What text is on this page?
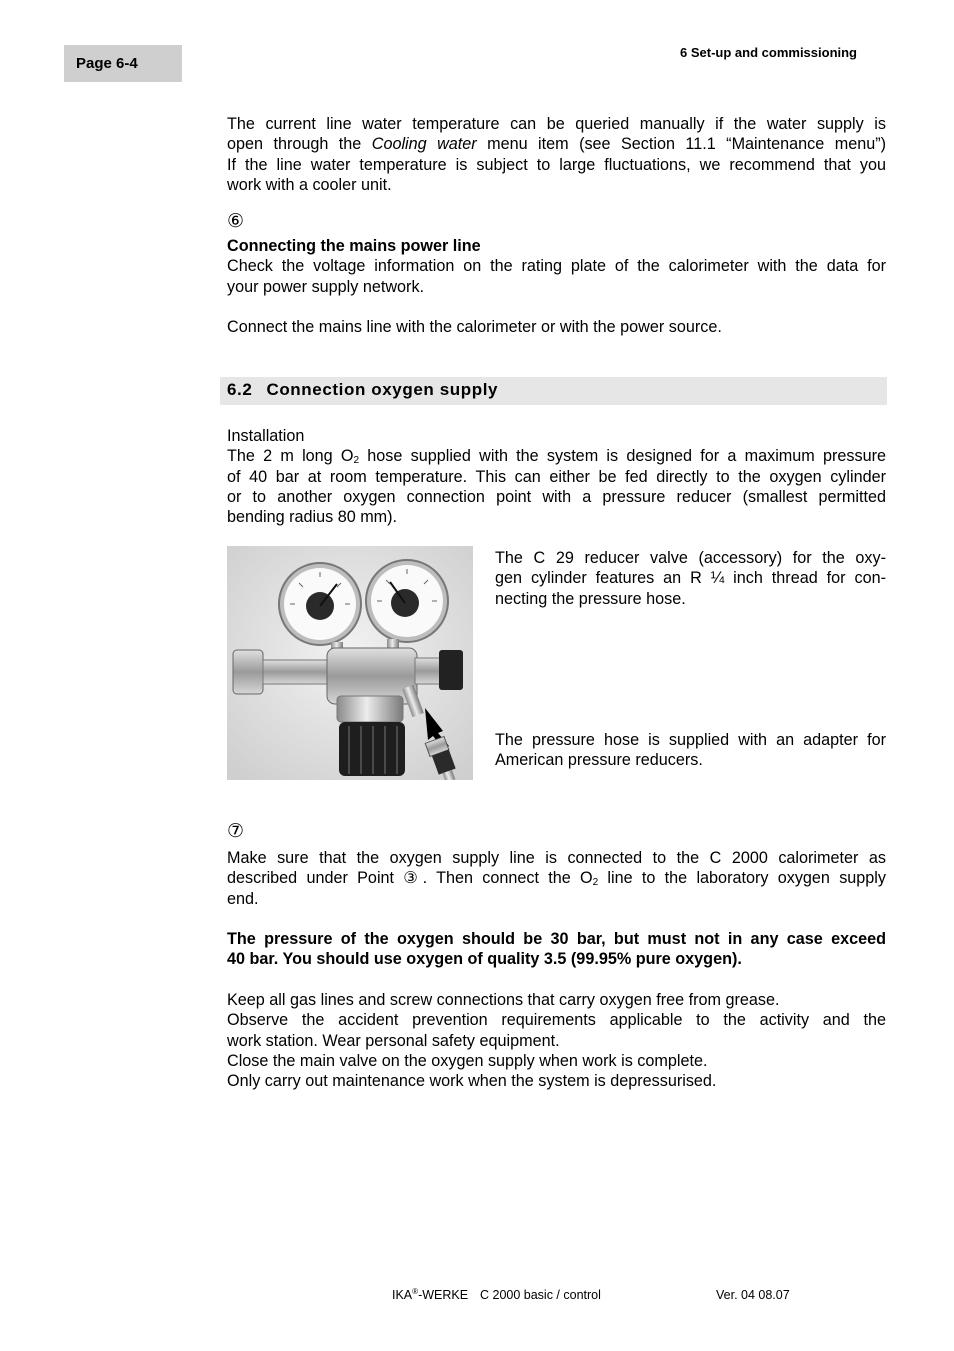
Page 6-4
6 Set-up and commissioning
The current line water temperature can be queried manually if the water supply is
open through the Cooling water menu item (see Section 11.1 “Maintenance menu”)
If the line water temperature is subject to large fluctuations, we recommend that you
work with a cooler unit.
⑥
Connecting the mains power line
Check the voltage information on the rating plate of the calorimeter with the data for
your power supply network.
Connect the mains line with the calorimeter or with the power source.
6.2 Connection oxygen supply
Installation
The 2 m long $O_2$ hose supplied with the system is designed for a maximum pressure
of 40 bar at room temperature. This can either be fed directly to the oxygen cylinder
or to another oxygen connection point with a pressure reducer (smallest permitted
bending radius 80 mm).
The C 29 reducer valve (accessory) for the oxy-
gen cylinder features an R ¼ inch thread for con-
necting the pressure hose.
The pressure hose is supplied with an adapter for
American pressure reducers.
⑦
Make sure that the oxygen supply line is connected to the C 2000 calorimeter as
described under Point ③. Then connect the $O_2$ line to the laboratory oxygen supply
end.
The pressure of the oxygen should be 30 bar, but must not in any case exceed
40 bar. You should use oxygen of quality 3.5 (99.95% pure oxygen).
Keep all gas lines and screw connections that carry oxygen free from grease.
Observe the accident prevention requirements applicable to the activity and the
work station. Wear personal safety equipment.
Close the main valve on the oxygen supply when work is complete.
Only carry out maintenance work when the system is depressurised.
IKA®-WERKE C 2000 basic / control	Ver. 04 08.07
